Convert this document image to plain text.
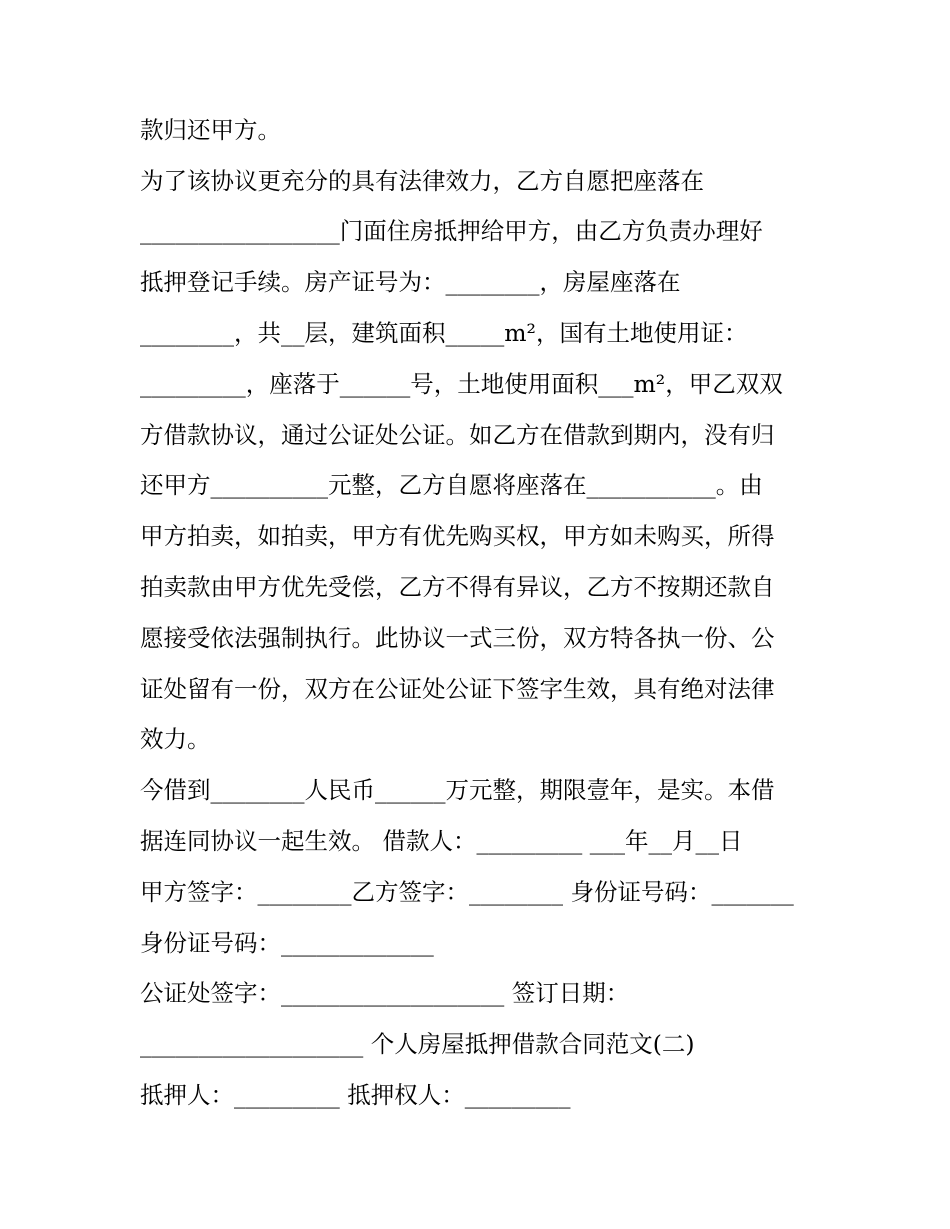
款归还甲方。
为了该协议更充分的具有法律效力，乙方自愿把座落在
_________________门面住房抵押给甲方，由乙方负责办理好
抵押登记手续。房产证号为：________，房屋座落在
________，共__层，建筑面积_____m²，国有土地使用证：
_________，座落于______号，土地使用面积___m²，甲乙双双
方借款协议，通过公证处公证。如乙方在借款到期内，没有归
还甲方__________元整，乙方自愿将座落在___________。由
甲方拍卖，如拍卖，甲方有优先购买权，甲方如未购买，所得
拍卖款由甲方优先受偿，乙方不得有异议，乙方不按期还款自
愿接受依法强制执行。此协议一式三份，双方特各执一份、公
证处留有一份，双方在公证处公证下签字生效，具有绝对法律
效力。
今借到________人民币______万元整，期限壹年，是实。本借
据连同协议一起生效。 借款人：_________ ___年__月__日
甲方签字：________乙方签字：________ 身份证号码：_______
身份证号码：_____________
公证处签字：___________________ 签订日期：
___________________ 个人房屋抵押借款合同范文(二)
抵押人：_________ 抵押权人：_________
